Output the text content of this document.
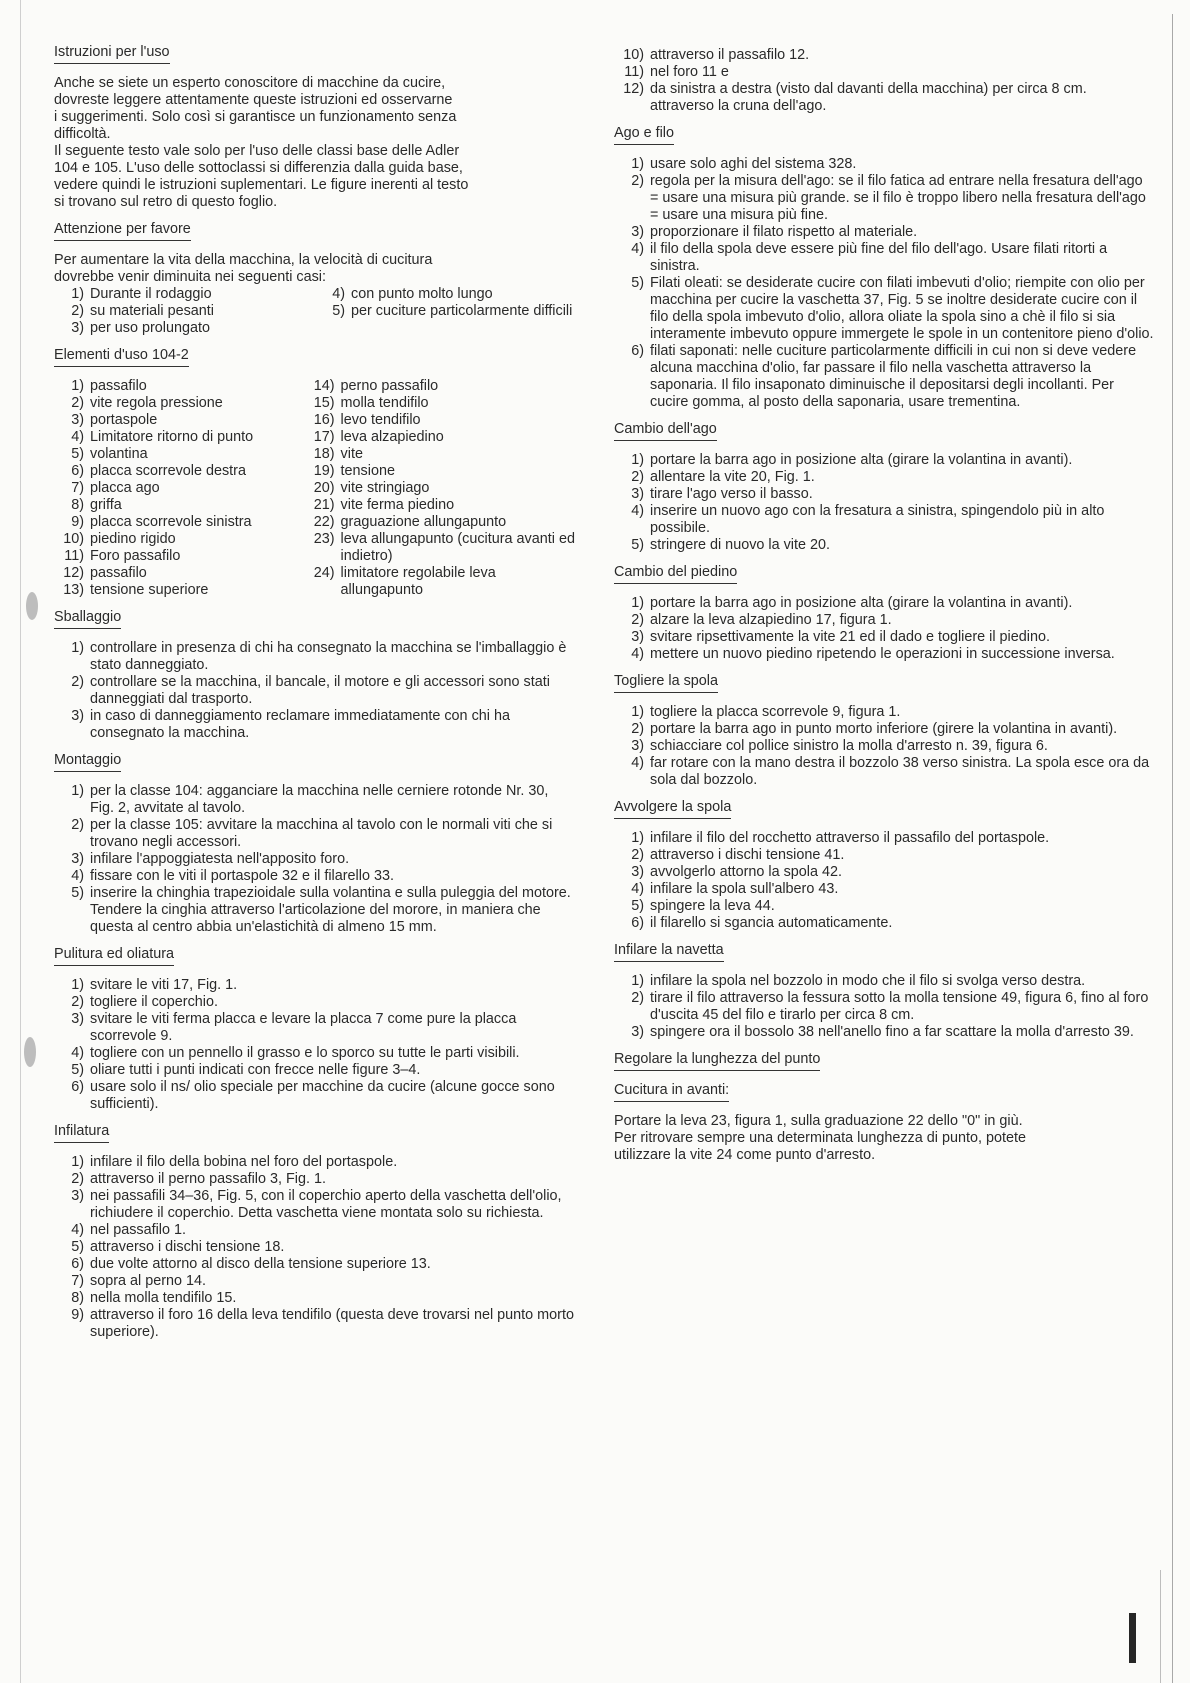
Istruzioni per l'uso

Anche se siete un esperto conoscitore di macchine da cucire,

dovreste leggere attentamente queste istruzioni ed osservarne

i suggerimenti. Solo così si garantisce un funzionamento senza

difficoltà.

Il seguente testo vale solo per l'uso delle classi base delle Adler

104 e 105. L'uso delle sottoclassi si differenzia dalla guida base,

vedere quindi le istruzioni suplementari. Le figure inerenti al testo

si trovano sul retro di questo foglio.

Attenzione per favore

Per aumentare la vita della macchina, la velocità di cucitura

dovrebbe venir diminuita nei seguenti casi:

1) Durante il rodaggio
2) su materiali pesanti
3) per uso prolungato
4) con punto molto lungo
5) per cuciture particolarmente difficili
Elementi d'uso 104-2
1) passafilo
2) vite regola pressione
3) portaspole
4) Limitatore ritorno di punto
5) volantina
6) placca scorrevole destra
7) placca ago
8) griffa
9) placca scorrevole sinistra
10) piedino rigido
11) Foro passafilo
12) passafilo
13) tensione superiore
14) perno passafilo
15) molla tendifilo
16) levo tendifilo
17) leva alzapiedino
18) vite
19) tensione
20) vite stringiago
21) vite ferma piedino
22) graguazione allungapunto
23) leva allungapunto (cucitura avanti ed indietro)
24) limitatore regolabile leva allungapunto
Sballaggio
1) controllare in presenza di chi ha consegnato la macchina se l'imballaggio è stato danneggiato.
2) controllare se la macchina, il bancale, il motore e gli accessori sono stati danneggiati dal trasporto.
3) in caso di danneggiamento reclamare immediatamente con chi ha consegnato la macchina.
Montaggio
1) per la classe 104: agganciare la macchina nelle cerniere rotonde Nr. 30, Fig. 2, avvitate al tavolo.
2) per la classe 105: avvitare la macchina al tavolo con le normali viti che si trovano negli accessori.
3) infilare l'appoggiatesta nell'apposito foro.
4) fissare con le viti il portaspole 32 e il filarello 33.
5) inserire la chinghia trapezioidale sulla volantina e sulla puleggia del motore. Tendere la cinghia attraverso l'articolazione del morore, in maniera che questa al centro abbia un'elastichità di almeno 15 mm.
Pulitura ed oliatura
1) svitare le viti 17, Fig. 1.
2) togliere il coperchio.
3) svitare le viti ferma placca e levare la placca 7 come pure la placca scorrevole 9.
4) togliere con un pennello il grasso e lo sporco su tutte le parti visibili.
5) oliare tutti i punti indicati con frecce nelle figure 3–4.
6) usare solo il ns/ olio speciale per macchine da cucire (alcune gocce sono sufficienti).
Infilatura
1) infilare il filo della bobina nel foro del portaspole.
2) attraverso il perno passafilo 3, Fig. 1.
3) nei passafili 34–36, Fig. 5, con il coperchio aperto della vaschetta dell'olio, richiudere il coperchio. Detta vaschetta viene montata solo su richiesta.
4) nel passafilo 1.
5) attraverso i dischi tensione 18.
6) due volte attorno al disco della tensione superiore 13.
7) sopra al perno 14.
8) nella molla tendifilo 15.
9) attraverso il foro 16 della leva tendifilo (questa deve trovarsi nel punto morto superiore).
10) attraverso il passafilo 12.
11) nel foro 11 e
12) da sinistra a destra (visto dal davanti della macchina) per circa 8 cm. attraverso la cruna dell'ago.
Ago e filo
1) usare solo aghi del sistema 328.
2) regola per la misura dell'ago: se il filo fatica ad entrare nella fresatura dell'ago = usare una misura più grande. se il filo è troppo libero nella fresatura dell'ago = usare una misura più fine.
3) proporzionare il filato rispetto al materiale.
4) il filo della spola deve essere più fine del filo dell'ago. Usare filati ritorti a sinistra.
5) Filati oleati: se desiderate cucire con filati imbevuti d'olio; riempite con olio per macchina per cucire la vaschetta 37, Fig. 5 se inoltre desiderate cucire con il filo della spola imbevuto d'olio, allora oliate la spola sino a chè il filo si sia interamente imbevuto oppure immergete le spole in un contenitore pieno d'olio.
6) filati saponati: nelle cuciture particolarmente difficili in cui non si deve vedere alcuna macchina d'olio, far passare il filo nella vaschetta attraverso la saponaria. Il filo insaponato diminuische il depositarsi degli incollanti. Per cucire gomma, al posto della saponaria, usare trementina.
Cambio dell'ago
1) portare la barra ago in posizione alta (girare la volantina in avanti).
2) allentare la vite 20, Fig. 1.
3) tirare l'ago verso il basso.
4) inserire un nuovo ago con la fresatura a sinistra, spingendolo più in alto possibile.
5) stringere di nuovo la vite 20.
Cambio del piedino
1) portare la barra ago in posizione alta (girare la volantina in avanti).
2) alzare la leva alzapiedino 17, figura 1.
3) svitare ripsettivamente la vite 21 ed il dado e togliere il piedino.
4) mettere un nuovo piedino ripetendo le operazioni in successione inversa.
Togliere la spola
1) togliere la placca scorrevole 9, figura 1.
2) portare la barra ago in punto morto inferiore (girere la volantina in avanti).
3) schiacciare col pollice sinistro la molla d'arresto n. 39, figura 6.
4) far rotare con la mano destra il bozzolo 38 verso sinistra. La spola esce ora da sola dal bozzolo.
Avvolgere la spola
1) infilare il filo del rocchetto attraverso il passafilo del portaspole.
2) attraverso i dischi tensione 41.
3) avvolgerlo attorno la spola 42.
4) infilare la spola sull'albero 43.
5) spingere la leva 44.
6) il filarello si sgancia automaticamente.
Infilare la navetta
1) infilare la spola nel bozzolo in modo che il filo si svolga verso destra.
2) tirare il filo attraverso la fessura sotto la molla tensione 49, figura 6, fino al foro d'uscita 45 del filo e tirarlo per circa 8 cm.
3) spingere ora il bossolo 38 nell'anello fino a far scattare la molla d'arresto 39.
Regolare la lunghezza del punto
Cucitura in avanti:

Portare la leva 23, figura 1, sulla graduazione 22 dello "0" in giù.

Per ritrovare sempre una determinata lunghezza di punto, potete

utilizzare la vite 24 come punto d'arresto.
